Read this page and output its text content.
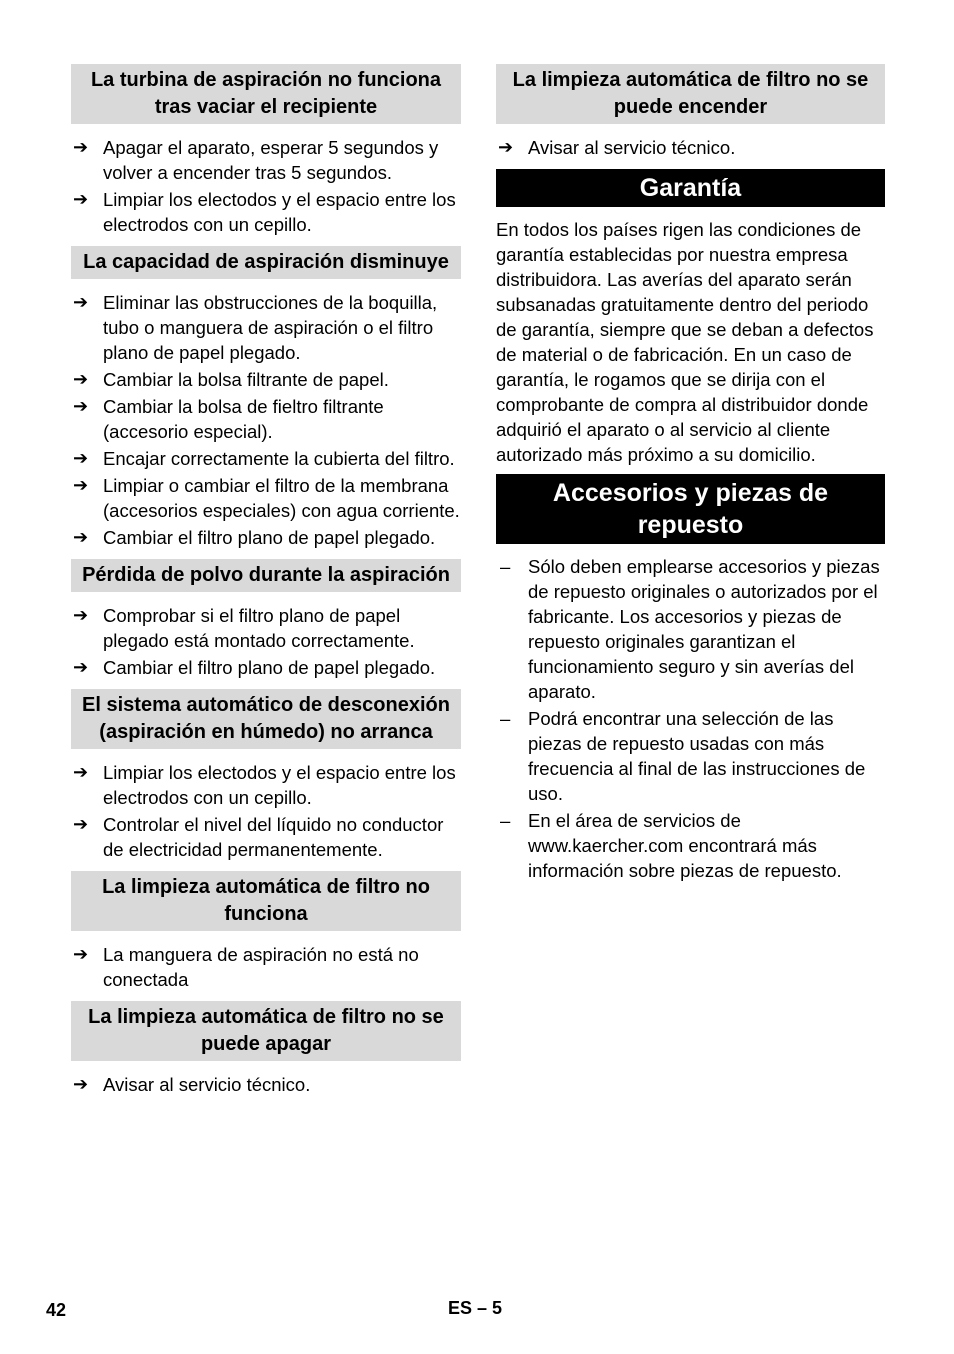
La turbina de aspiración no funciona tras vaciar el recipiente
➔ Apagar el aparato, esperar 5 segundos y volver a encender tras 5 segundos.
➔ Limpiar los electodos y el espacio entre los electrodos con un cepillo.
La capacidad de aspiración disminuye
➔ Eliminar las obstrucciones de la boquilla, tubo o manguera de aspiración o el filtro plano de papel plegado.
➔ Cambiar la bolsa filtrante de papel.
➔ Cambiar la bolsa de fieltro filtrante (accesorio especial).
➔ Encajar correctamente la cubierta del filtro.
➔ Limpiar o cambiar el filtro de la membrana (accesorios especiales) con agua corriente.
➔ Cambiar el filtro plano de papel plegado.
Pérdida de polvo durante la aspiración
➔ Comprobar si el filtro plano de papel plegado está montado correctamente.
➔ Cambiar el filtro plano de papel plegado.
El sistema automático de desconexión (aspiración en húmedo) no arranca
➔ Limpiar los electodos y el espacio entre los electrodos con un cepillo.
➔ Controlar el nivel del líquido no conductor de electricidad permanentemente.
La limpieza automática de filtro no funciona
➔ La manguera de aspiración no está no conectada
La limpieza automática de filtro no se puede apagar
➔ Avisar al servicio técnico.
La limpieza automática de filtro no se puede encender
➔ Avisar al servicio técnico.
Garantía

En todos los países rigen las condiciones de garantía establecidas por nuestra empresa distribuidora. Las averías del aparato serán subsanadas gratuitamente dentro del periodo de garantía, siempre que se deban a defectos de material o de fabricación. En un caso de garantía, le rogamos que se dirija con el comprobante de compra al distribuidor donde adquirió el aparato o al servicio al cliente autorizado más próximo a su domicilio.

Accesorios y piezas de repuesto
– Sólo deben emplearse accesorios y piezas de repuesto originales o autorizados por el fabricante. Los accesorios y piezas de repuesto originales garantizan el funcionamiento seguro y sin averías del aparato.
– Podrá encontrar una selección de las piezas de repuesto usadas con más frecuencia al final de las instrucciones de uso.
– En el área de servicios de www.kaercher.com encontrará más información sobre piezas de repuesto.
42	ES – 5
